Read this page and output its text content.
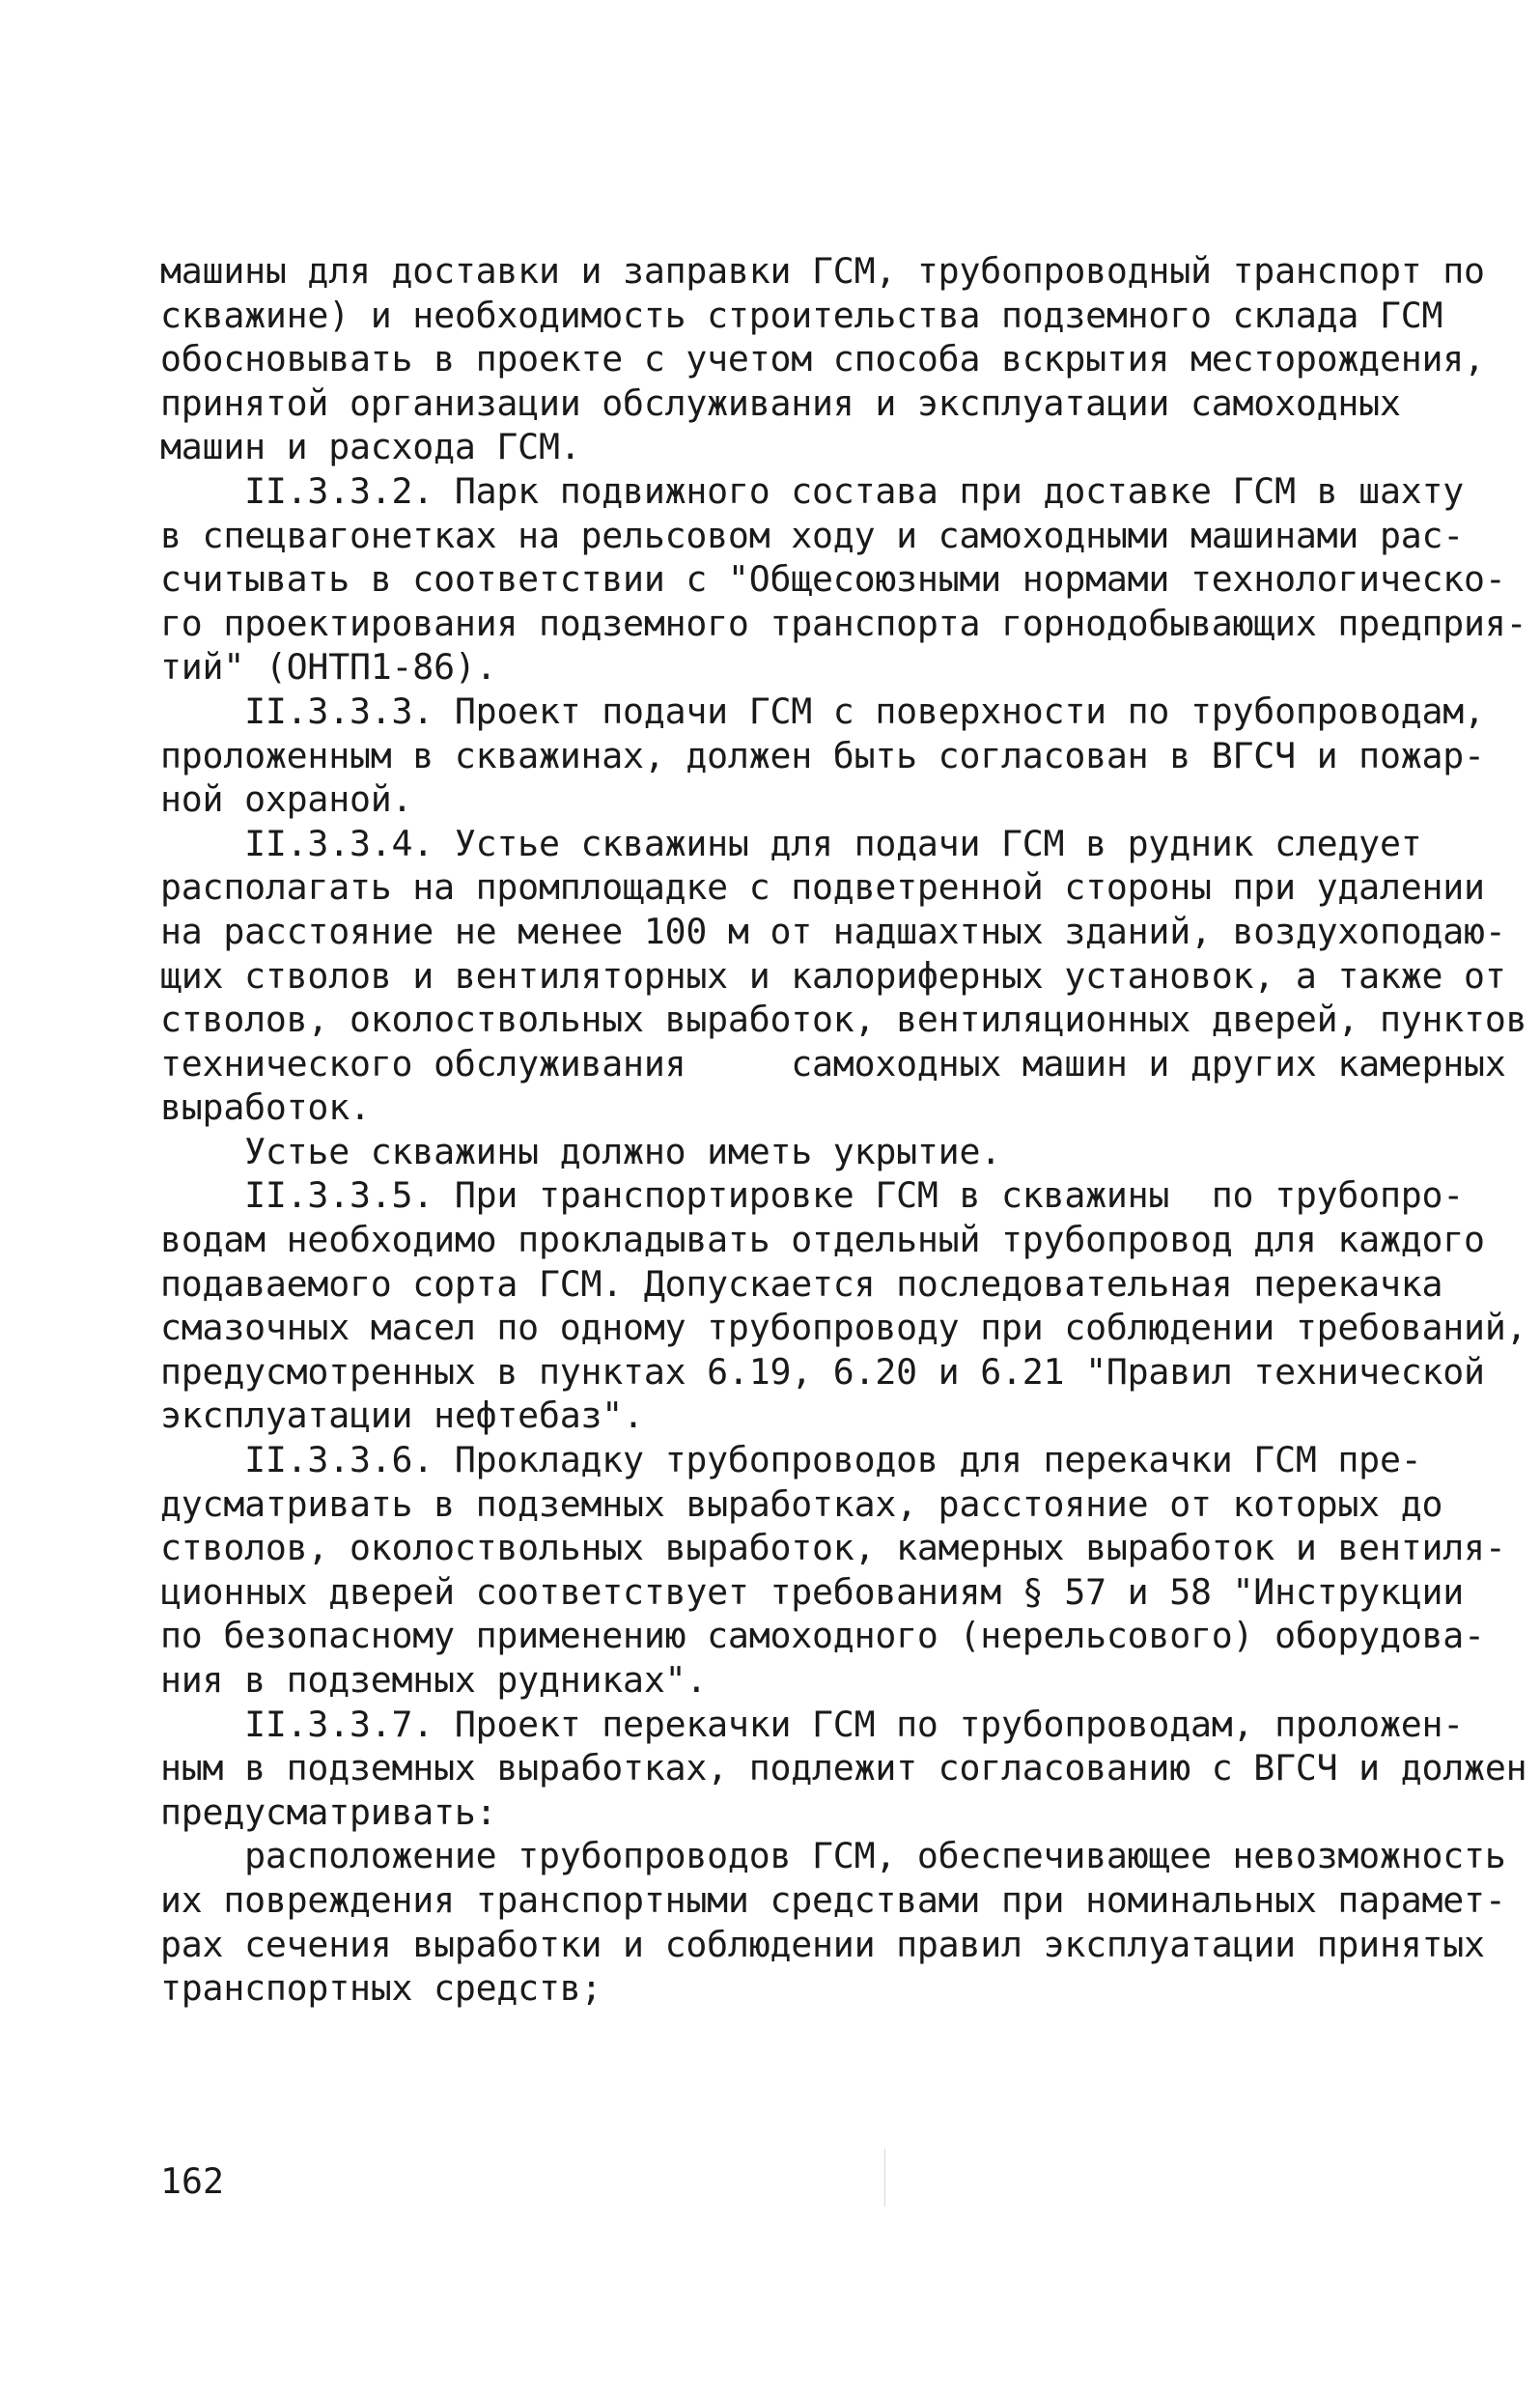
машины для доставки и заправки ГСМ, трубопроводный транспорт по
скважине) и необходимость строительства подземного склада ГСМ
обосновывать в проекте с учетом способа вскрытия месторождения,
принятой организации обслуживания и эксплуатации самоходных
машин и расхода ГСМ.
II.3.3.2. Парк подвижного состава при доставке ГСМ в шахту
в спецвагонетках на рельсовом ходу и самоходными машинами рас-
считывать в соответствии с "Общесоюзными нормами технологическо-
го проектирования подземного транспорта горнодобывающих предприя-
тий" (ОНТП1-86).
II.3.3.3. Проект подачи ГСМ с поверхности по трубопроводам,
проложенным в скважинах, должен быть согласован в ВГСЧ и пожар-
ной охраной.
II.3.3.4. Устье скважины для подачи ГСМ в рудник следует
располагать на промплощадке с подветренной стороны при удалении
на расстояние не менее 100 м от надшахтных зданий, воздухоподаю-
щих стволов и вентиляторных и калориферных установок, а также от
стволов, околоствольных выработок, вентиляционных дверей, пунктов
технического обслуживания     самоходных машин и других камерных
выработок.
Устье скважины должно иметь укрытие.
II.3.3.5. При транспортировке ГСМ в скважины  по трубопро-
водам необходимо прокладывать отдельный трубопровод для каждого
подаваемого сорта ГСМ. Допускается последовательная перекачка
смазочных масел по одному трубопроводу при соблюдении требований,
предусмотренных в пунктах 6.19, 6.20 и 6.21 "Правил технической
эксплуатации нефтебаз".
II.3.3.6. Прокладку трубопроводов для перекачки ГСМ пре-
дусматривать в подземных выработках, расстояние от которых до
стволов, околоствольных выработок, камерных выработок и вентиля-
ционных дверей соответствует требованиям § 57 и 58 "Инструкции
по безопасному применению самоходного (нерельсового) оборудова-
ния в подземных рудниках".
II.3.3.7. Проект перекачки ГСМ по трубопроводам, проложен-
ным в подземных выработках, подлежит согласованию с ВГСЧ и должен
предусматривать:
расположение трубопроводов ГСМ, обеспечивающее невозможность
их повреждения транспортными средствами при номинальных парамет-
рах сечения выработки и соблюдении правил эксплуатации принятых
транспортных средств;
162
